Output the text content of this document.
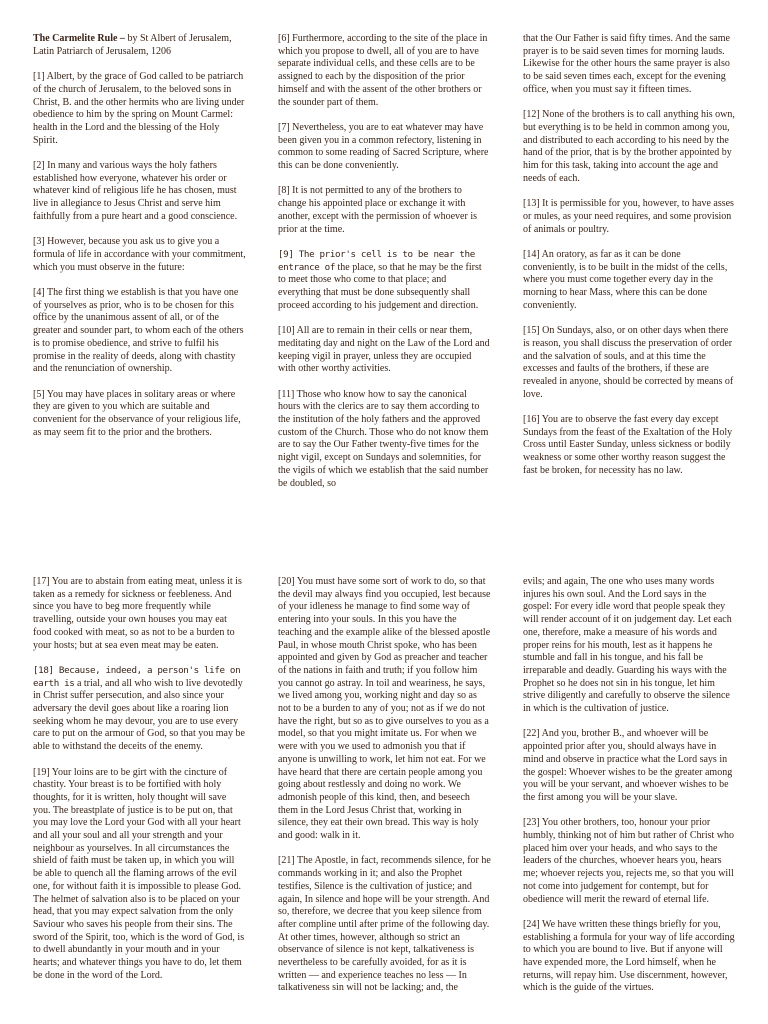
The Carmelite Rule – by St Albert of Jerusalem, Latin Patriarch of Jerusalem, 1206

[1] Albert, by the grace of God called to be patriarch of the church of Jerusalem, to the beloved sons in Christ, B. and the other hermits who are living under obedience to him by the spring on Mount Carmel: health in the Lord and the blessing of the Holy Spirit.

[2] In many and various ways the holy fathers established how everyone, whatever his order or whatever kind of religious life he has chosen, must live in allegiance to Jesus Christ and serve him faithfully from a pure heart and a good conscience.

[3] However, because you ask us to give you a formula of life in accordance with your commitment, which you must observe in the future:

[4] The first thing we establish is that you have one of yourselves as prior, who is to be chosen for this office by the unanimous assent of all, or of the greater and sounder part, to whom each of the others is to promise obedience, and strive to fulfil his promise in the reality of deeds, along with chastity and the renunciation of ownership.

[5] You may have places in solitary areas or where they are given to you which are suitable and convenient for the observance of your religious life, as may seem fit to the prior and the brothers.

[6] Furthermore, according to the site of the place in which you propose to dwell, all of you are to have separate individual cells, and these cells are to be assigned to each by the disposition of the prior himself and with the assent of the other brothers or the sounder part of them.

[7] Nevertheless, you are to eat whatever may have been given you in a common refectory, listening in common to some reading of Sacred Scripture, where this can be done conveniently.

[8] It is not permitted to any of the brothers to change his appointed place or exchange it with another, except with the permission of whoever is prior at the time.

[9] The prior's cell is to be near the entrance of the place, so that he may be the first to meet those who come to that place; and everything that must be done subsequently shall proceed according to his judgement and direction.

[10] All are to remain in their cells or near them, meditating day and night on the Law of the Lord and keeping vigil in prayer, unless they are occupied with other worthy activities.

[11] Those who know how to say the canonical hours with the clerics are to say them according to the institution of the holy fathers and the approved custom of the Church. Those who do not know them are to say the Our Father twenty-five times for the night vigil, except on Sundays and solemnities, for the vigils of which we establish that the said number be doubled, so

that the Our Father is said fifty times. And the same prayer is to be said seven times for morning lauds. Likewise for the other hours the same prayer is also to be said seven times each, except for the evening office, when you must say it fifteen times.

[12] None of the brothers is to call anything his own, but everything is to be held in common among you, and distributed to each according to his need by the hand of the prior, that is by the brother appointed by him for this task, taking into account the age and needs of each.

[13] It is permissible for you, however, to have asses or mules, as your need requires, and some provision of animals or poultry.

[14] An oratory, as far as it can be done conveniently, is to be built in the midst of the cells, where you must come together every day in the morning to hear Mass, where this can be done conveniently.

[15] On Sundays, also, or on other days when there is reason, you shall discuss the preservation of order and the salvation of souls, and at this time the excesses and faults of the brothers, if these are revealed in anyone, should be corrected by means of love.

[16] You are to observe the fast every day except Sundays from the feast of the Exaltation of the Holy Cross until Easter Sunday, unless sickness or bodily weakness or some other worthy reason suggest the fast be broken, for necessity has no law.

[17] You are to abstain from eating meat, unless it is taken as a remedy for sickness or feebleness. And since you have to beg more frequently while travelling, outside your own houses you may eat food cooked with meat, so as not to be a burden to your hosts; but at sea even meat may be eaten.

[18] Because, indeed, a person's life on earth is a trial, and all who wish to live devotedly in Christ suffer persecution, and also since your adversary the devil goes about like a roaring lion seeking whom he may devour, you are to use every care to put on the armour of God, so that you may be able to withstand the deceits of the enemy.

[19] Your loins are to be girt with the cincture of chastity. Your breast is to be fortified with holy thoughts, for it is written, holy thought will save you. The breastplate of justice is to be put on, that you may love the Lord your God with all your heart and all your soul and all your strength and your neighbour as yourselves. In all circumstances the shield of faith must be taken up, in which you will be able to quench all the flaming arrows of the evil one, for without faith it is impossible to please God. The helmet of salvation also is to be placed on your head, that you may expect salvation from the only Saviour who saves his people from their sins. The sword of the Spirit, too, which is the word of God, is to dwell abundantly in your mouth and in your hearts; and whatever things you have to do, let them be done in the word of the Lord.

[20] You must have some sort of work to do, so that the devil may always find you occupied, lest because of your idleness he manage to find some way of entering into your souls. In this you have the teaching and the example alike of the blessed apostle Paul, in whose mouth Christ spoke, who has been appointed and given by God as preacher and teacher of the nations in faith and truth; if you follow him you cannot go astray. In toil and weariness, he says, we lived among you, working night and day so as not to be a burden to any of you; not as if we do not have the right, but so as to give ourselves to you as a model, so that you might imitate us. For when we were with you we used to admonish you that if anyone is unwilling to work, let him not eat. For we have heard that there are certain people among you going about restlessly and doing no work. We admonish people of this kind, then, and beseech them in the Lord Jesus Christ that, working in silence, they eat their own bread. This way is holy and good: walk in it.

[21] The Apostle, in fact, recommends silence, for he commands working in it; and also the Prophet testifies, Silence is the cultivation of justice; and again, In silence and hope will be your strength. And so, therefore, we decree that you keep silence from after compline until after prime of the following day. At other times, however, although so strict an observance of silence is not kept, talkativeness is nevertheless to be carefully avoided, for as it is written — and experience teaches no less — In talkativeness sin will not be lacking; and, the

evils; and again, The one who uses many words injures his own soul. And the Lord says in the gospel: For every idle word that people speak they will render account of it on judgement day. Let each one, therefore, make a measure of his words and proper reins for his mouth, lest as it happens he stumble and fall in his tongue, and his fall be irreparable and deadly. Guarding his ways with the Prophet so he does not sin in his tongue, let him strive diligently and carefully to observe the silence in which is the cultivation of justice.

[22] And you, brother B., and whoever will be appointed prior after you, should always have in mind and observe in practice what the Lord says in the gospel: Whoever wishes to be the greater among you will be your servant, and whoever wishes to be the first among you will be your slave.

[23] You other brothers, too, honour your prior humbly, thinking not of him but rather of Christ who placed him over your heads, and who says to the leaders of the churches, whoever hears you, hears me; whoever rejects you, rejects me, so that you will not come into judgement for contempt, but for obedience will merit the reward of eternal life.

[24] We have written these things briefly for you, establishing a formula for your way of life according to which you are bound to live. But if anyone will have expended more, the Lord himself, when he returns, will repay him. Use discernment, however, which is the guide of the virtues.
